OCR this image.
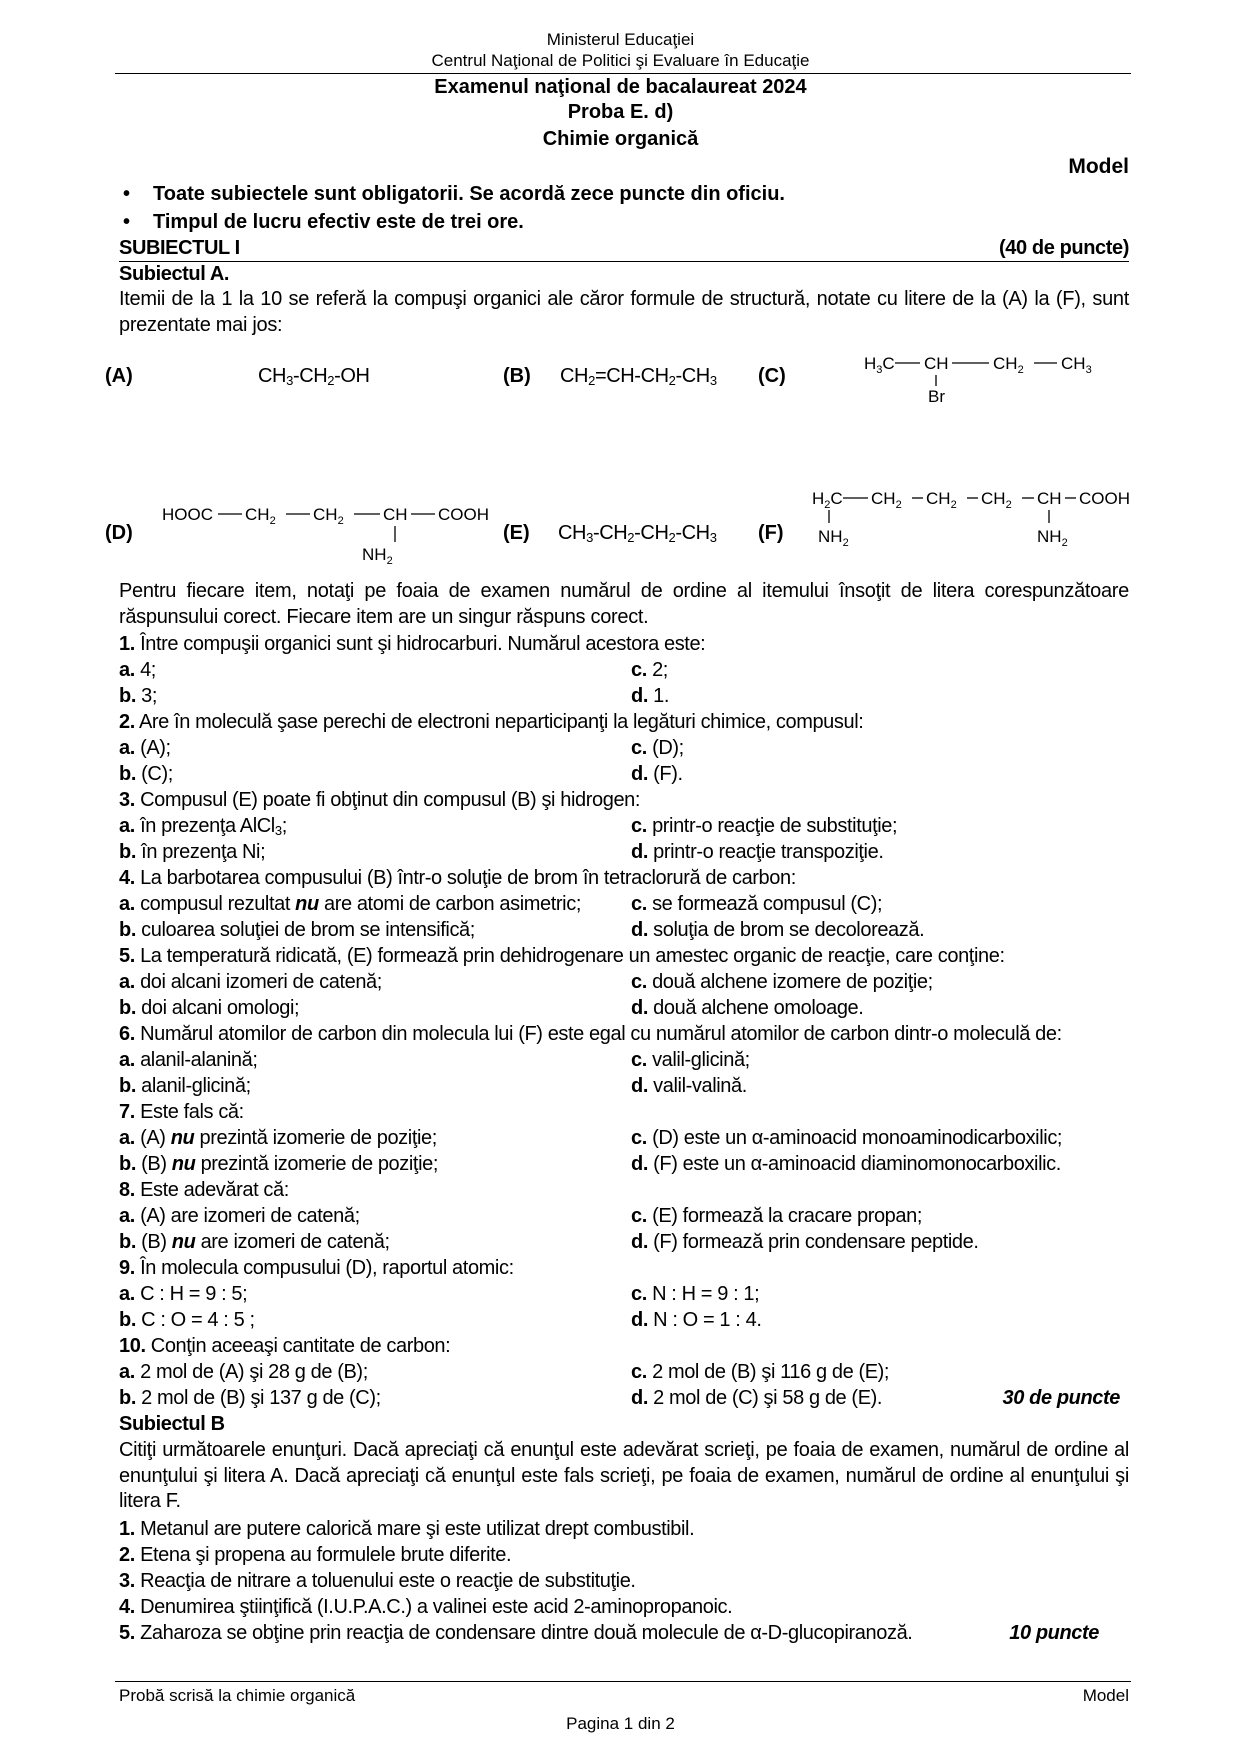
Ministerul Educaţiei
Centrul Naţional de Politici şi Evaluare în Educaţie
Examenul naţional de bacalaureat 2024
Proba E. d)
Chimie organică
Model
• Toate subiectele sunt obligatorii. Se acordă zece puncte din oficiu.
• Timpul de lucru efectiv este de trei ore.
SUBIECTUL I	(40 de puncte)
Subiectul A.
Itemii de la 1 la 10 se referă la compuşi organici ale căror formule de structură, notate cu litere de la (A) la (F), sunt prezentate mai jos:
(A)	$CH_3-CH_2-OH$	(B) $CH_2=CH-CH_2-CH_3$ (C)
$H_3C$ CH	$CH_2$ $CH_3$
Br
(D)
HOOC $CH_2$ $CH_2$ CH COOH
$NH_2$
(E) $CH_3-CH_2-CH_2-CH_3$ (F)
$H_2C$ $CH_2$ $CH_2$ $CH_2$ CH COOH
$NH_2$	$NH_2$
Pentru fiecare item, notaţi pe foaia de examen numărul de ordine al itemului însoţit de litera corespunzătoare răspunsului corect. Fiecare item are un singur răspuns corect.
1. Între compuşii organici sunt şi hidrocarburi. Numărul acestora este:
a. 4;	c. 2;
b. 3;	d. 1.
2. Are în moleculă şase perechi de electroni neparticipanţi la legături chimice, compusul:
a. (A);	c. (D);
b. (C);	d. (F).
3. Compusul (E) poate fi obţinut din compusul (B) şi hidrogen:
a. în prezenţa AlCl$_3$;	c. printr-o reacţie de substituţie;
b. în prezenţa Ni;	d. printr-o reacţie transpoziţie.
4. La barbotarea compusului (B) într-o soluţie de brom în tetraclorură de carbon:
a. compusul rezultat nu are atomi de carbon asimetric;	c. se formează compusul (C);
b. culoarea soluţiei de brom se intensifică;	d. soluţia de brom se decolorează.
5. La temperatură ridicată, (E) formează prin dehidrogenare un amestec organic de reacţie, care conţine:
a. doi alcani izomeri de catenă;	c. două alchene izomere de poziţie;
b. doi alcani omologi;	d. două alchene omoloage.
6. Numărul atomilor de carbon din molecula lui (F) este egal cu numărul atomilor de carbon dintr-o moleculă de:
a. alanil-alanină;	c. valil-glicină;
b. alanil-glicină;	d. valil-valină.
7. Este fals că:
a. (A) nu prezintă izomerie de poziţie;	c. (D) este un α-aminoacid monoaminodicarboxilic;
b. (B) nu prezintă izomerie de poziţie;	d. (F) este un α-aminoacid diaminomonocarboxilic.
8. Este adevărat că:
a. (A) are izomeri de catenă;	c. (E) formează la cracare propan;
b. (B) nu are izomeri de catenă;	d. (F) formează prin condensare peptide.
9. În molecula compusului (D), raportul atomic:
a. C : H = 9 : 5;	c. N : H = 9 : 1;
b. C : O = 4 : 5 ;	d. N : O = 1 : 4.
10. Conţin aceeaşi cantitate de carbon:
a. 2 mol de (A) şi 28 g de (B);	c. 2 mol de (B) şi 116 g de (E);
b. 2 mol de (B) şi 137 g de (C);	d. 2 mol de (C) şi 58 g de (E).	30 de puncte
Subiectul B
Citiţi următoarele enunţuri. Dacă apreciaţi că enunţul este adevărat scrieţi, pe foaia de examen, numărul de ordine al enunţului şi litera A. Dacă apreciaţi că enunţul este fals scrieţi, pe foaia de examen, numărul de ordine al enunţului şi litera F.
1. Metanul are putere calorică mare şi este utilizat drept combustibil.
2. Etena şi propena au formulele brute diferite.
3. Reacţia de nitrare a toluenului este o reacţie de substituţie.
4. Denumirea ştiinţifică (I.U.P.A.C.) a valinei este acid 2-aminopropanoic.
5. Zaharoza se obţine prin reacţia de condensare dintre două molecule de α-D-glucopiranoză.	10 puncte
Probă scrisă la chimie organică	Model
Pagina 1 din 2
